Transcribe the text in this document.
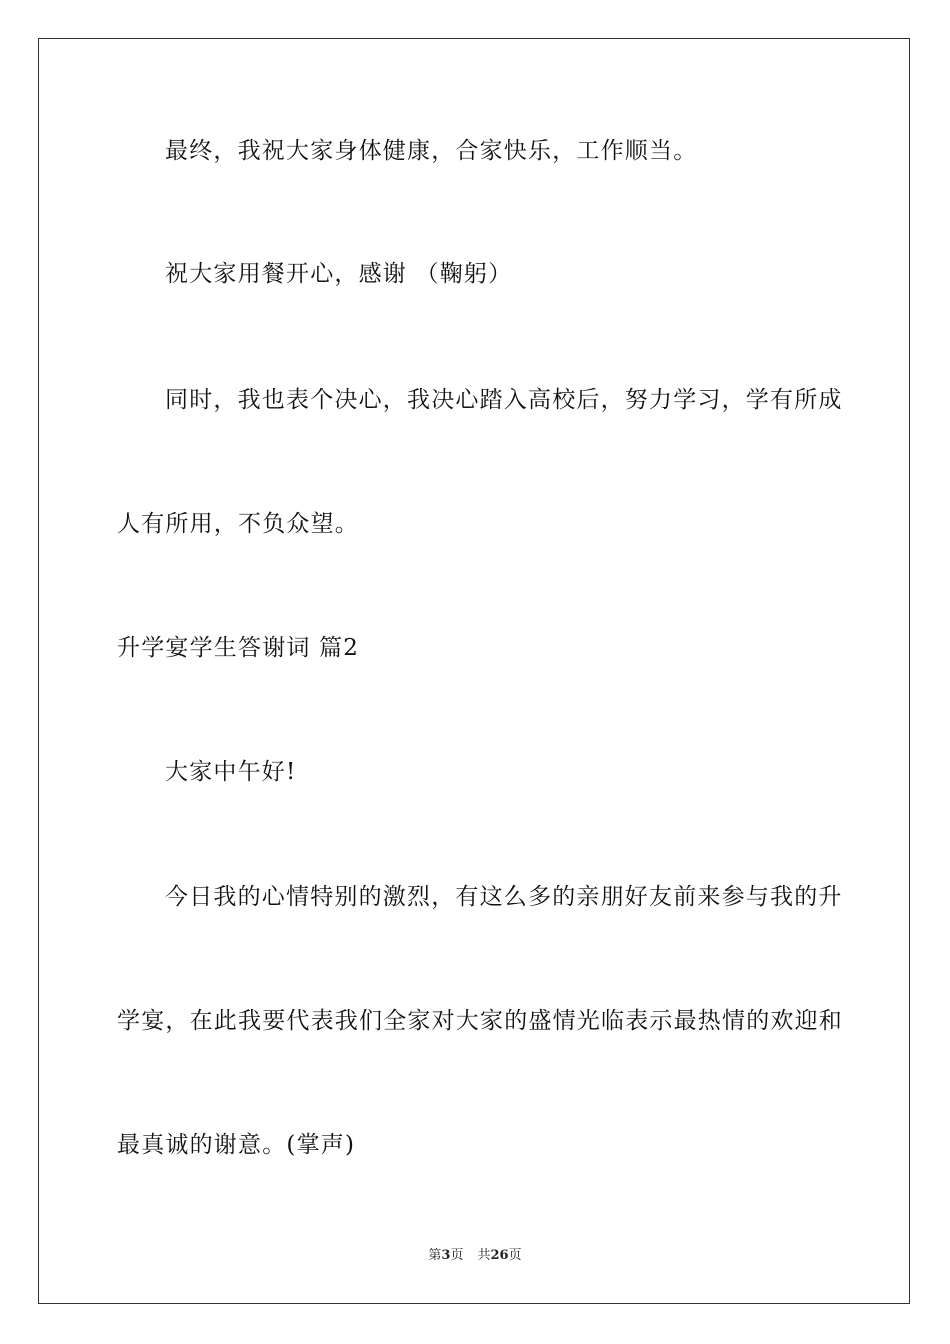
最终，我祝大家身体健康，合家快乐，工作顺当。
祝大家用餐开心，感谢 （鞠躬）
同时，我也表个决心，我决心踏入高校后，努力学习，学有所成
人有所用，不负众望。
升学宴学生答谢词 篇2
大家中午好!
今日我的心情特别的激烈，有这么多的亲朋好友前来参与我的升
学宴，在此我要代表我们全家对大家的盛情光临表示最热情的欢迎和
最真诚的谢意。(掌声)
第3页 共26页
